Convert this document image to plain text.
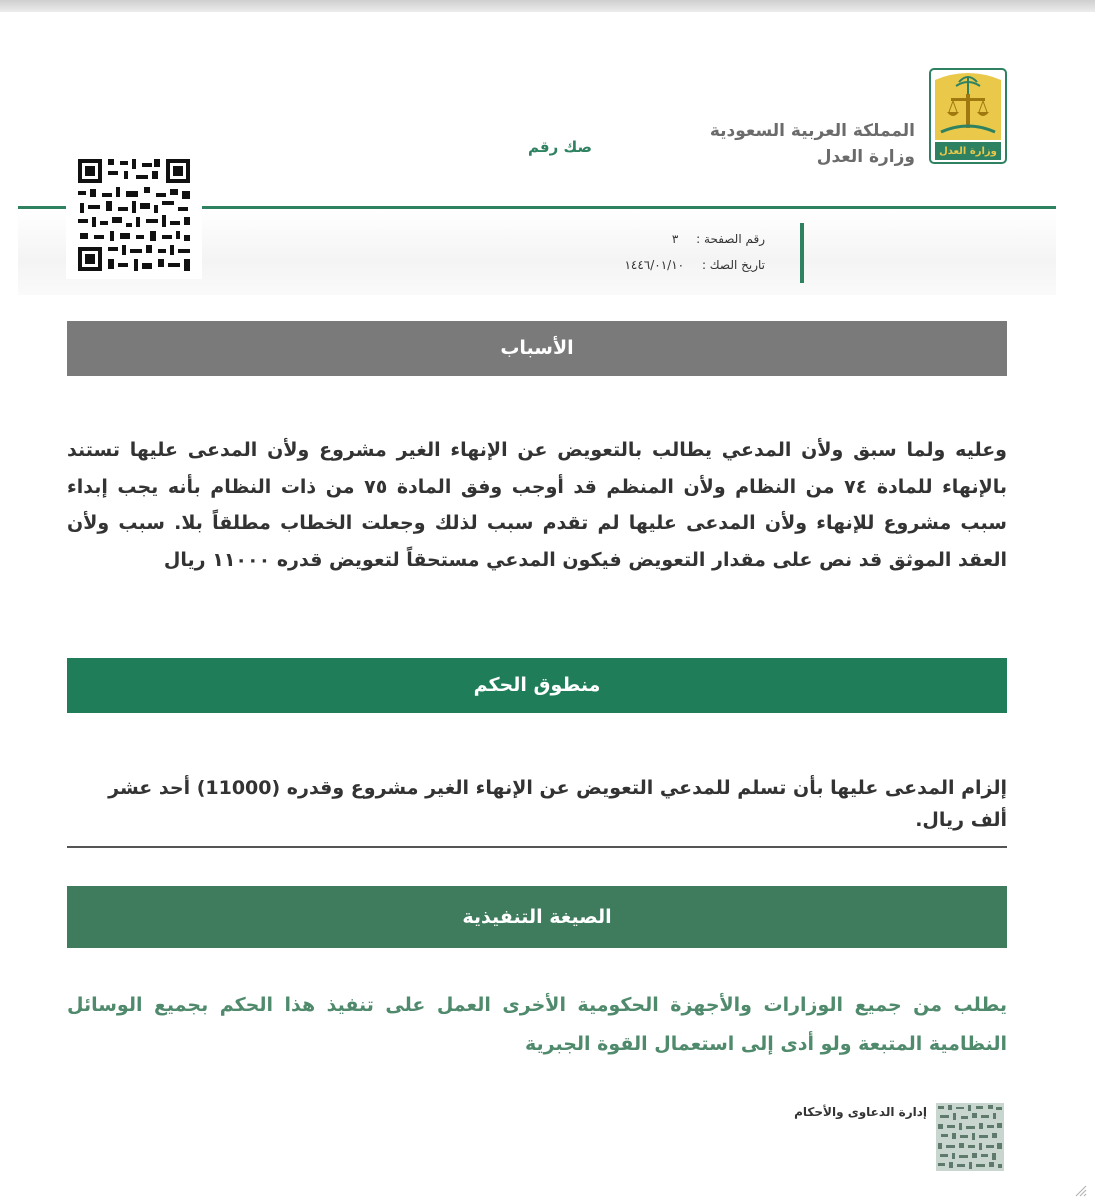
وزارة العدل
المملكة العربية السعودية
وزارة العدل
صك رقم
رقم الصفحة : ٣
تاريخ الصك : ١٤٤٦/٠١/١٠
الأسباب
وعليه ولما سبق ولأن المدعي يطالب بالتعويض عن الإنهاء الغير مشروع ولأن المدعى عليها تستند بالإنهاء للمادة ٧٤ من النظام ولأن المنظم قد أوجب وفق المادة ٧٥ من ذات النظام بأنه يجب إبداء سبب مشروع للإنهاء ولأن المدعى عليها لم تقدم سبب لذلك وجعلت الخطاب مطلقاً بلا. سبب ولأن العقد الموثق قد نص على مقدار التعويض فيكون المدعي مستحقاً لتعويض قدره ١١٠٠٠ ريال
منطوق الحكم
إلزام المدعى عليها بأن تسلم للمدعي التعويض عن الإنهاء الغير مشروع وقدره (11000) أحد عشر ألف ريال.
الصيغة التنفيذية
يطلب من جميع الوزارات والأجهزة الحكومية الأخرى العمل على تنفيذ هذا الحكم بجميع الوسائل النظامية المتبعة ولو أدى إلى استعمال القوة الجبرية
إدارة الدعاوى والأحكام
